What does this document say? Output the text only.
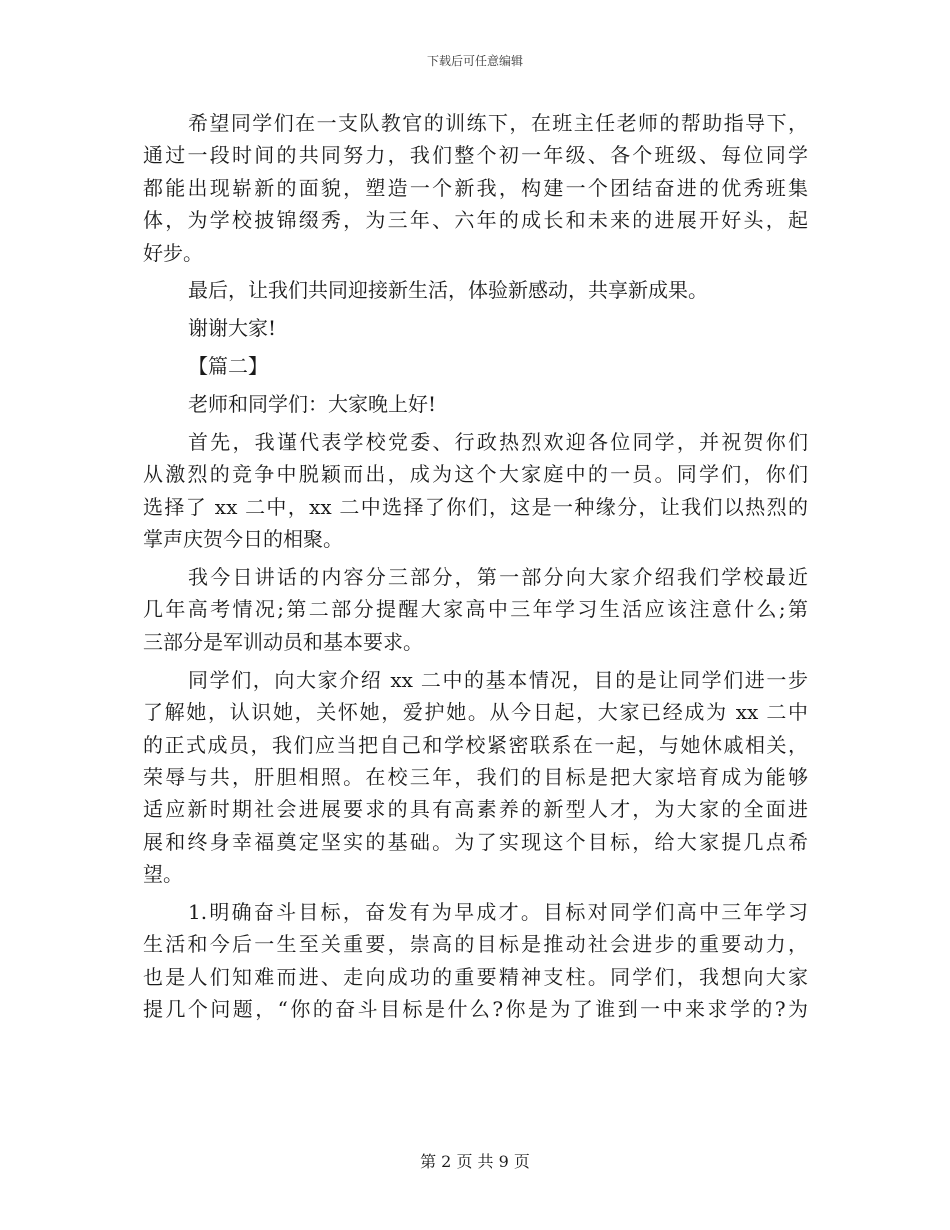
下载后可任意编辑
希望同学们在一支队教官的训练下，在班主任老师的帮助指导下，
通过一段时间的共同努力，我们整个初一年级、各个班级、每位同学
都能出现崭新的面貌，塑造一个新我，构建一个团结奋进的优秀班集
体，为学校披锦缀秀，为三年、六年的成长和未来的进展开好头，起
好步。
最后，让我们共同迎接新生活，体验新感动，共享新成果。
谢谢大家!
【篇二】
老师和同学们：大家晚上好!
首先，我谨代表学校党委、行政热烈欢迎各位同学，并祝贺你们
从激烈的竞争中脱颖而出，成为这个大家庭中的一员。同学们，你们
选择了 xx 二中，xx 二中选择了你们，这是一种缘分，让我们以热烈的
掌声庆贺今日的相聚。
我今日讲话的内容分三部分，第一部分向大家介绍我们学校最近
几年高考情况;第二部分提醒大家高中三年学习生活应该注意什么;第
三部分是军训动员和基本要求。
同学们，向大家介绍 xx 二中的基本情况，目的是让同学们进一步
了解她，认识她，关怀她，爱护她。从今日起，大家已经成为 xx 二中
的正式成员，我们应当把自己和学校紧密联系在一起，与她休戚相关，
荣辱与共，肝胆相照。在校三年，我们的目标是把大家培育成为能够
适应新时期社会进展要求的具有高素养的新型人才，为大家的全面进
展和终身幸福奠定坚实的基础。为了实现这个目标，给大家提几点希
望。
1.明确奋斗目标，奋发有为早成才。目标对同学们高中三年学习
生活和今后一生至关重要，崇高的目标是推动社会进步的重要动力，
也是人们知难而进、走向成功的重要精神支柱。同学们，我想向大家
提几个问题，“你的奋斗目标是什么?你是为了谁到一中来求学的?为
第 2 页 共 9 页
